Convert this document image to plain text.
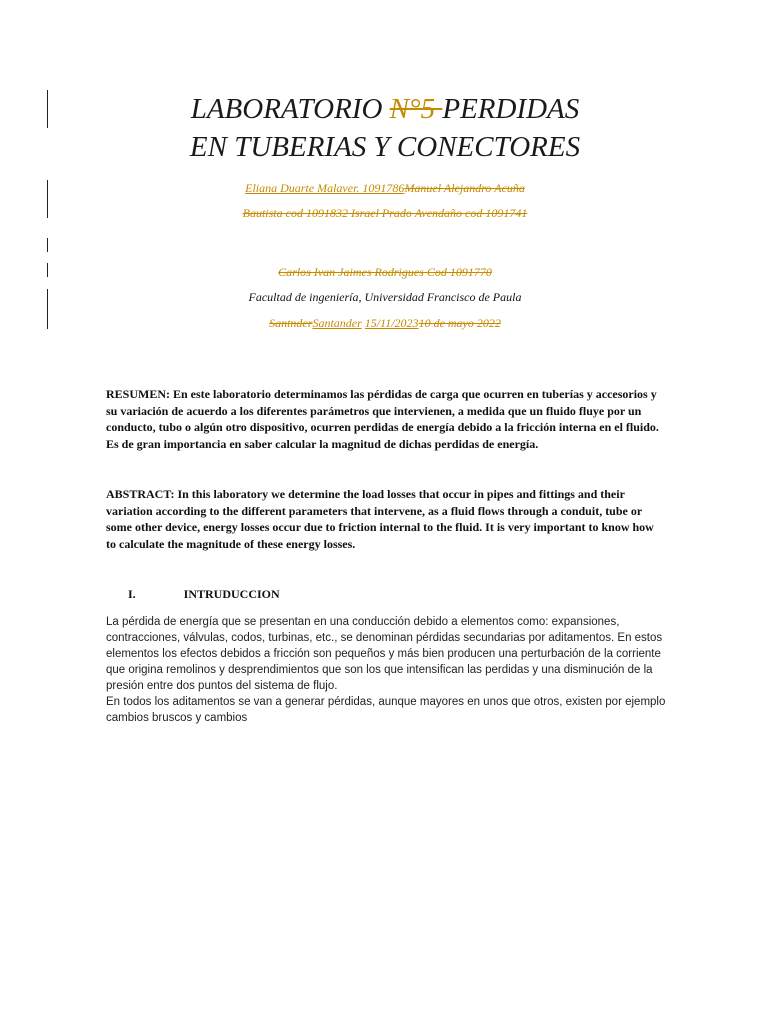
LABORATORIO N°5 PERDIDAS
EN TUBERIAS Y CONECTORES
Eliana Duarte Malaver. 1091786Manuel Alejandro Acuña
Bautista cod 1091832 Israel Prado Avendaño cod 1091741
Carlos Ivan Jaimes Rodrigues Cod 1091770
Facultad de ingeniería, Universidad Francisco de Paula
SantnderSantander 15/11/202310 de mayo 2022

RESUMEN: En este laboratorio determinamos las pérdidas de carga que ocurren en tuberías y accesorios y su variación de acuerdo a los diferentes parámetros que intervienen, a medida que un fluido fluye por un conducto, tubo o algún otro dispositivo, ocurren perdidas de energía debido a la fricción interna en el fluido. Es de gran importancia en saber calcular la magnitud de dichas perdidas de energía.

ABSTRACT: In this laboratory we determine the load losses that occur in pipes and fittings and their variation according to the different parameters that intervene, as a fluid flows through a conduit, tube or some other device, energy losses occur due to friction internal to the fluid. It is very important to know how to calculate the magnitude of these energy losses.

I.	INTRUDUCCION

La pérdida de energía que se presentan en una conducción debido a elementos como: expansiones, contracciones, válvulas, codos, turbinas, etc., se denominan pérdidas secundarias por aditamentos. En estos elementos los efectos debidos a fricción son pequeños y más bien producen una perturbación de la corriente que origina remolinos y desprendimientos que son los que intensifican las perdidas y una disminución de la presión entre dos puntos del sistema de flujo.

En todos los aditamentos se van a generar pérdidas, aunque mayores en unos que otros, existen por ejemplo cambios bruscos y cambios
